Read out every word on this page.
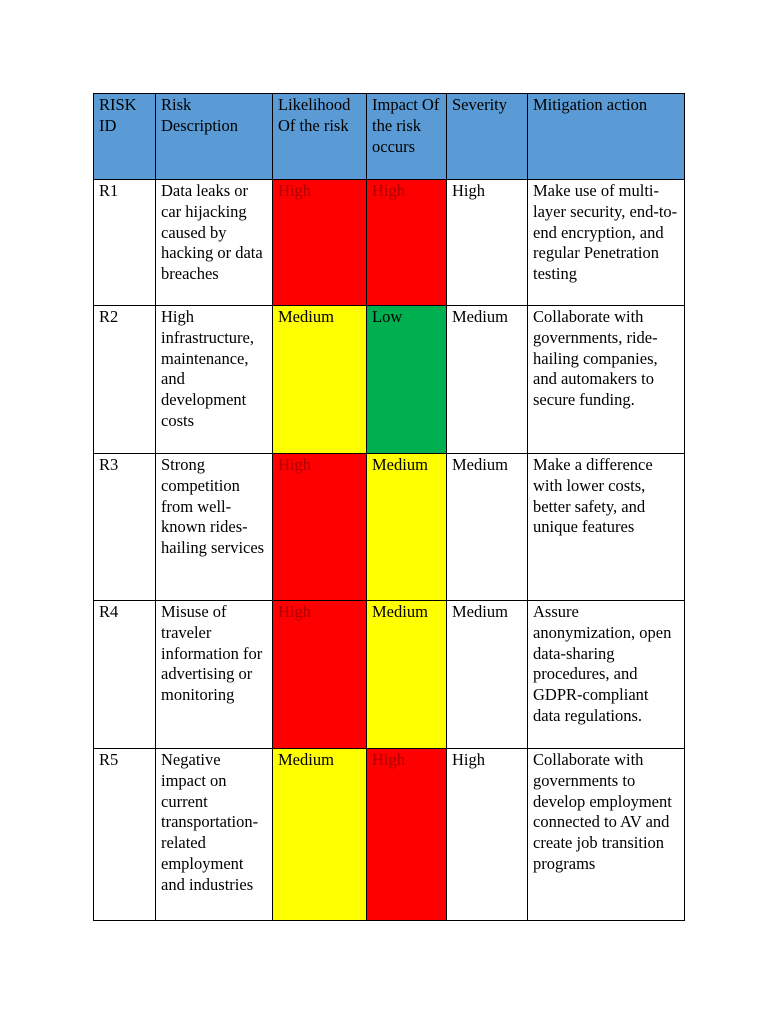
RISK ID	Risk Description	Likelihood Of the risk	Impact Of the risk occurs	Severity	Mitigation action
R1	Data leaks or car hijacking caused by hacking or data breaches	High	High	High	Make use of multi-layer security, end-to-end encryption, and regular Penetration testing
R2	High infrastructure, maintenance, and development costs	Medium	Low	Medium	Collaborate with governments, ride-hailing companies, and automakers to secure funding.
R3	Strong competition from well-known rides-hailing services	High	Medium	Medium	Make a difference with lower costs, better safety, and unique features
R4	Misuse of traveler information for advertising or monitoring	High	Medium	Medium	Assure anonymization, open data-sharing procedures, and GDPR-compliant data regulations.
R5	Negative impact on current transportation-related employment and industries	Medium	High	High	Collaborate with governments to develop employment connected to AV and create job transition programs
